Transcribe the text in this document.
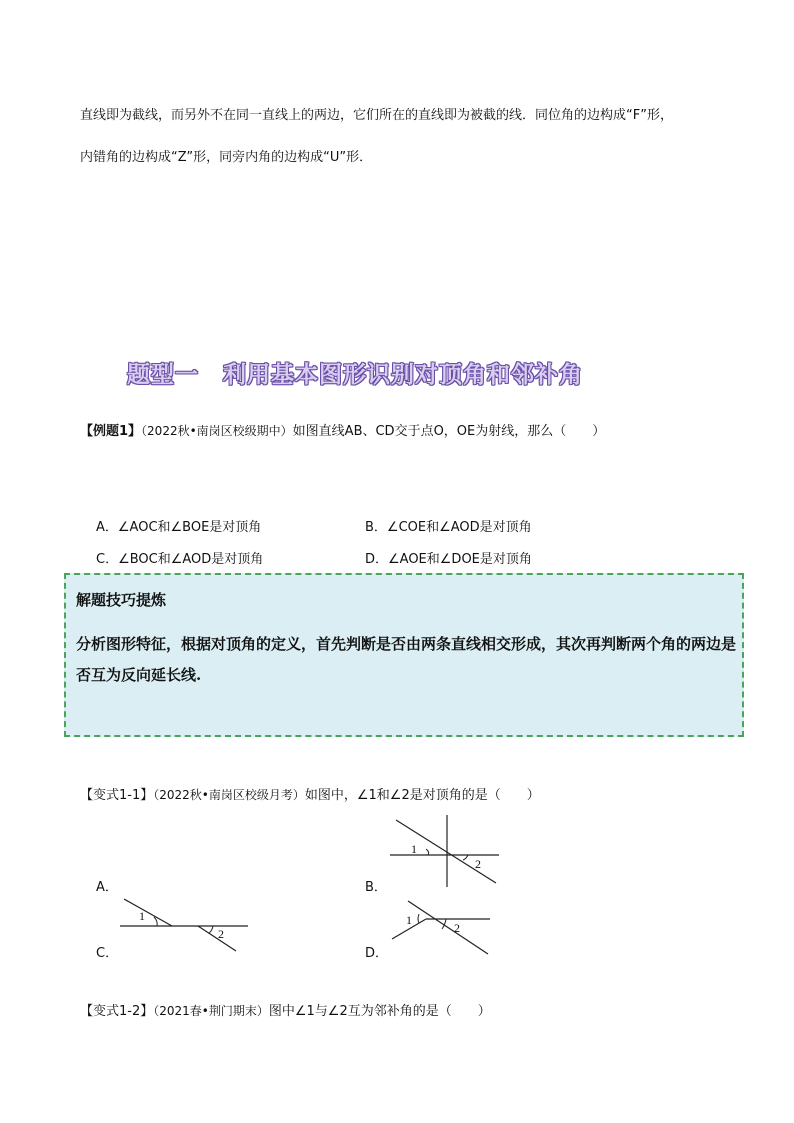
直线即为截线，而另外不在同一直线上的两边，它们所在的直线即为被截的线．同位角的边构成“F”形，
内错角的边构成“Z”形，同旁内角的边构成“U”形．
题型一　利用基本图形识别对顶角和邻补角
【例题1】（2022秋•南岗区校级期中）如图直线AB、CD交于点O，OE为射线，那么（　　）
A．∠AOC和∠BOE是对顶角	B．∠COE和∠AOD是对顶角
C．∠BOC和∠AOD是对顶角	D．∠AOE和∠DOE是对顶角
解题技巧提炼
分析图形特征，根据对顶角的定义，首先判断是否由两条直线相交形成，其次再判断两个角的两边是否互为反向延长线.
【变式1-1】（2022秋•南岗区校级月考）如图中，∠1和∠2是对顶角的是（　　）
A．	B．
C．	D．
1
2
1
2
1
2
【变式1-2】（2021春•荆门期末）图中∠1与∠2互为邻补角的是（　　）
